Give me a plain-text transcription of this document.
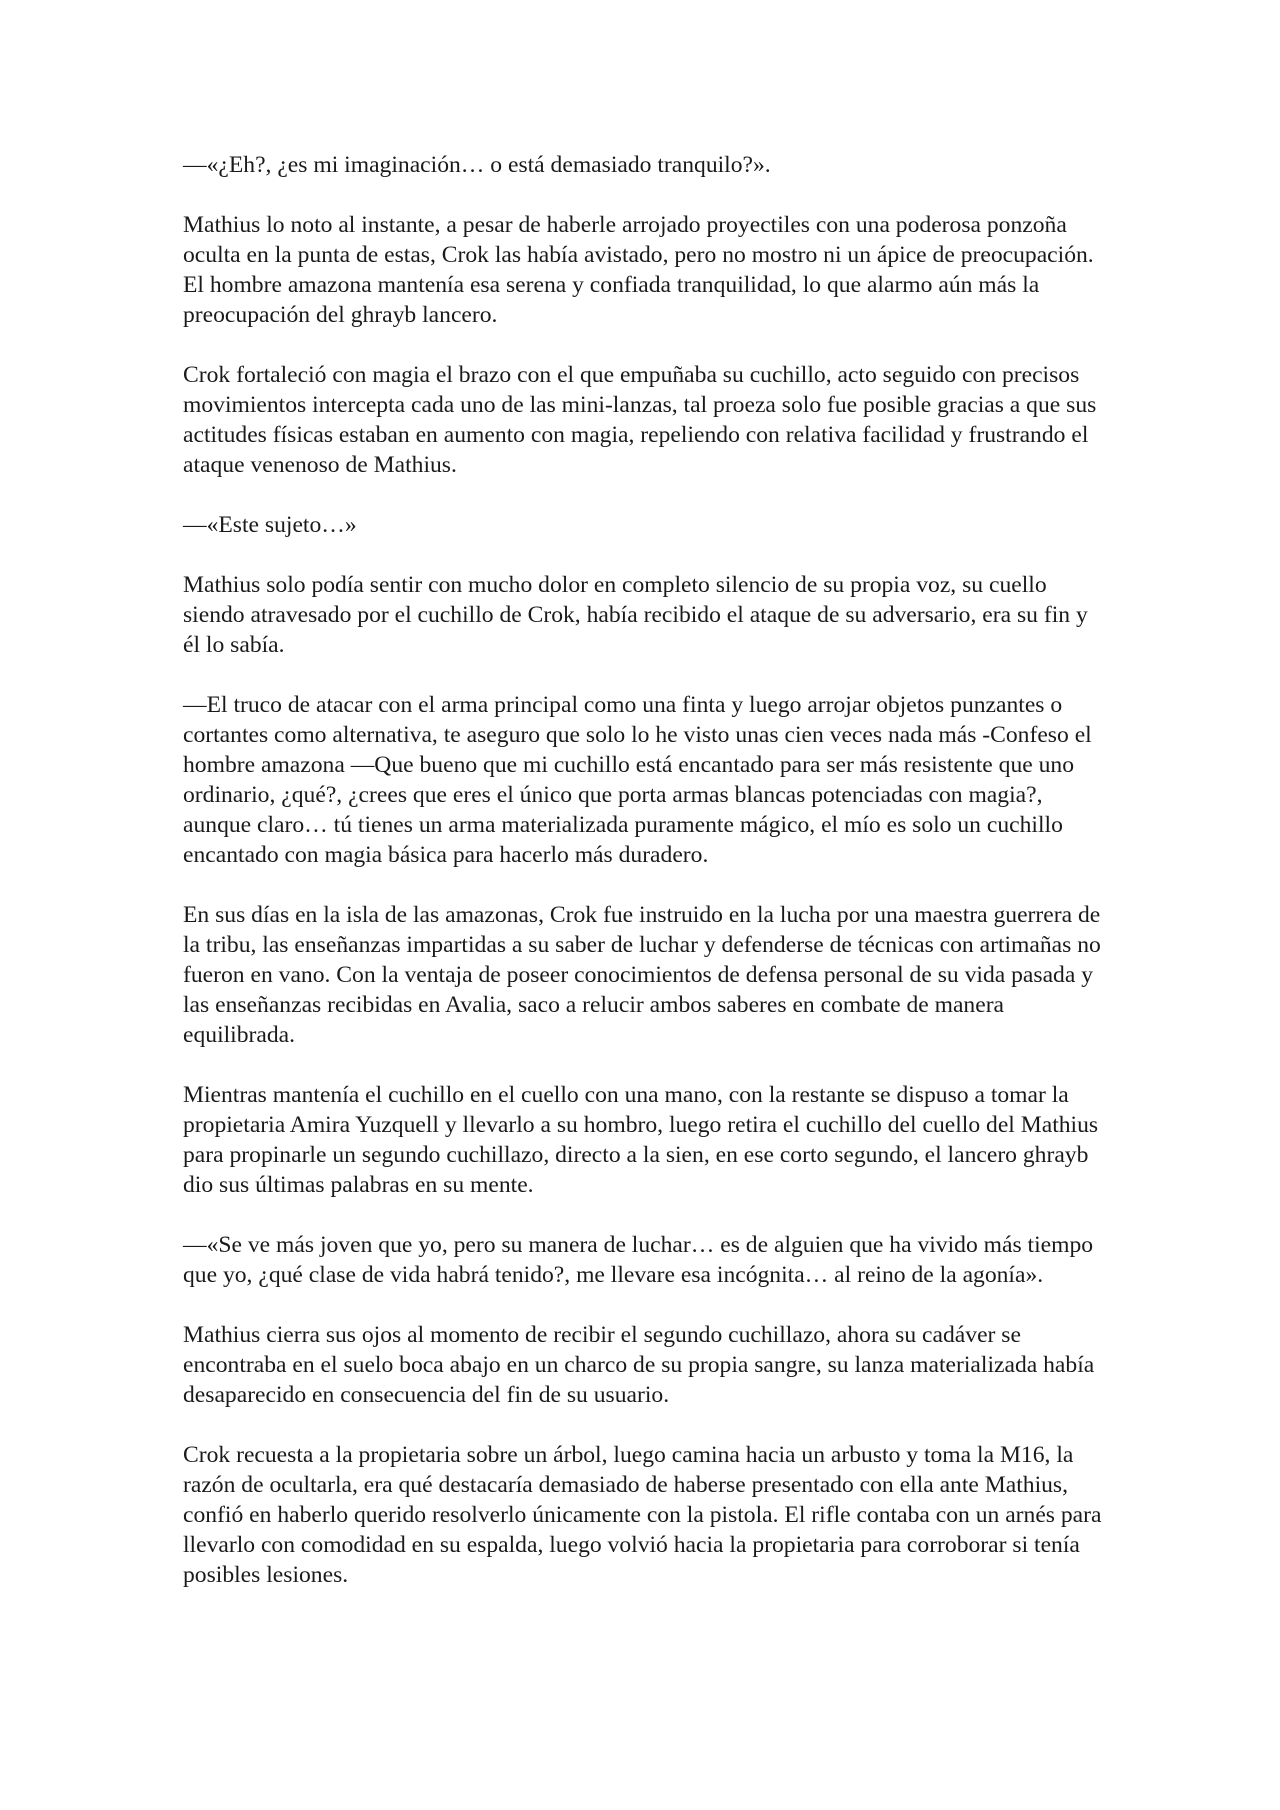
—«¿Eh?, ¿es mi imaginación… o está demasiado tranquilo?».

Mathius lo noto al instante, a pesar de haberle arrojado proyectiles con una poderosa ponzoña oculta en la punta de estas, Crok las había avistado, pero no mostro ni un ápice de preocupación. El hombre amazona mantenía esa serena y confiada tranquilidad, lo que alarmo aún más la preocupación del ghrayb lancero.

Crok fortaleció con magia el brazo con el que empuñaba su cuchillo, acto seguido con precisos movimientos intercepta cada uno de las mini-lanzas, tal proeza solo fue posible gracias a que sus actitudes físicas estaban en aumento con magia, repeliendo con relativa facilidad y frustrando el ataque venenoso de Mathius.

—«Este sujeto…»

Mathius solo podía sentir con mucho dolor en completo silencio de su propia voz, su cuello siendo atravesado por el cuchillo de Crok, había recibido el ataque de su adversario, era su fin y él lo sabía.

—El truco de atacar con el arma principal como una finta y luego arrojar objetos punzantes o cortantes como alternativa, te aseguro que solo lo he visto unas cien veces nada más -Confeso el hombre amazona —Que bueno que mi cuchillo está encantado para ser más resistente que uno ordinario, ¿qué?, ¿crees que eres el único que porta armas blancas potenciadas con magia?, aunque claro… tú tienes un arma materializada puramente mágico, el mío es solo un cuchillo encantado con magia básica para hacerlo más duradero.

En sus días en la isla de las amazonas, Crok fue instruido en la lucha por una maestra guerrera de la tribu, las enseñanzas impartidas a su saber de luchar y defenderse de técnicas con artimañas no fueron en vano. Con la ventaja de poseer conocimientos de defensa personal de su vida pasada y las enseñanzas recibidas en Avalia, saco a relucir ambos saberes en combate de manera equilibrada.

Mientras mantenía el cuchillo en el cuello con una mano, con la restante se dispuso a tomar la propietaria Amira Yuzquell y llevarlo a su hombro, luego retira el cuchillo del cuello del Mathius para propinarle un segundo cuchillazo, directo a la sien, en ese corto segundo, el lancero ghrayb dio sus últimas palabras en su mente.

—«Se ve más joven que yo, pero su manera de luchar… es de alguien que ha vivido más tiempo que yo, ¿qué clase de vida habrá tenido?, me llevare esa incógnita… al reino de la agonía».

Mathius cierra sus ojos al momento de recibir el segundo cuchillazo, ahora su cadáver se encontraba en el suelo boca abajo en un charco de su propia sangre, su lanza materializada había desaparecido en consecuencia del fin de su usuario.

Crok recuesta a la propietaria sobre un árbol, luego camina hacia un arbusto y toma la M16, la razón de ocultarla, era qué destacaría demasiado de haberse presentado con ella ante Mathius, confió en haberlo querido resolverlo únicamente con la pistola. El rifle contaba con un arnés para llevarlo con comodidad en su espalda, luego volvió hacia la propietaria para corroborar si tenía posibles lesiones.
